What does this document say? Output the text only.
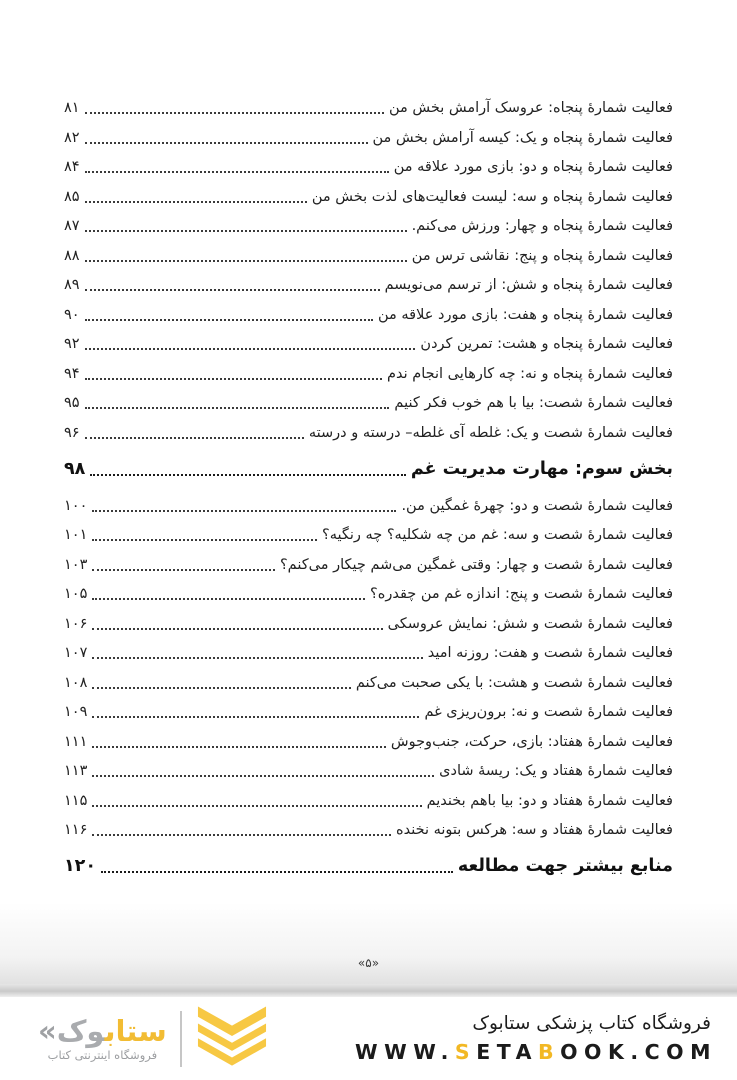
فعالیت شمارۀ پنجاه: عروسک آرامش بخش من
۸۱
فعالیت شمارۀ پنجاه و یک: کیسه آرامش بخش من
۸۲
فعالیت شمارۀ پنجاه و دو: بازی مورد علاقه من
۸۴
فعالیت شمارۀ پنجاه و سه: لیست فعالیت‌های لذت بخش من
۸۵
فعالیت شمارۀ پنجاه و چهار: ورزش می‌کنم.
۸۷
فعالیت شمارۀ پنجاه و پنج: نقاشی ترس من
۸۸
فعالیت شمارۀ پنجاه و شش: از ترسم می‌نویسم
۸۹
فعالیت شمارۀ پنجاه و هفت: بازی مورد علاقه من
۹۰
فعالیت شمارۀ پنجاه و هشت: تمرین کردن
۹۲
فعالیت شمارۀ پنجاه و نه: چه کارهایی انجام ندم
۹۴
فعالیت شمارۀ شصت: بیا با هم خوب فکر کنیم
۹۵
فعالیت شمارۀ شصت و یک: غلطه آی غلطه– درسته و درسته
۹۶
بخش سوم: مهارت مدیریت غم
۹۸
فعالیت شمارۀ شصت و دو: چهرۀ غمگین من.
۱۰۰
فعالیت شمارۀ شصت و سه: غم من چه شکلیه؟ چه رنگیه؟
۱۰۱
فعالیت شمارۀ شصت و چهار: وقتی غمگین می‌شم چیکار می‌کنم؟
۱۰۳
فعالیت شمارۀ شصت و پنج: اندازه غم من چقدره؟
۱۰۵
فعالیت شمارۀ شصت و شش: نمایش عروسکی
۱۰۶
فعالیت شمارۀ شصت و هفت: روزنه امید
۱۰۷
فعالیت شمارۀ شصت و هشت: با یکی صحبت می‌کنم
۱۰۸
فعالیت شمارۀ شصت و نه: برون‌ریزی غم
۱۰۹
فعالیت شمارۀ هفتاد: بازی، حرکت، جنب‌وجوش
۱۱۱
فعالیت شمارۀ هفتاد و یک: ریسۀ شادی
۱۱۳
فعالیت شمارۀ هفتاد و دو: بیا باهم بخندیم
۱۱۵
فعالیت شمارۀ هفتاد و سه: هرکس بتونه نخنده
۱۱۶
منابع بیشتر جهت مطالعه
۱۲۰
«۵»
ستابوک«
فروشگاه اینترنتی کتاب
فروشگاه کتاب پزشکی ستابوک
WWW.SETABOOK.COM
